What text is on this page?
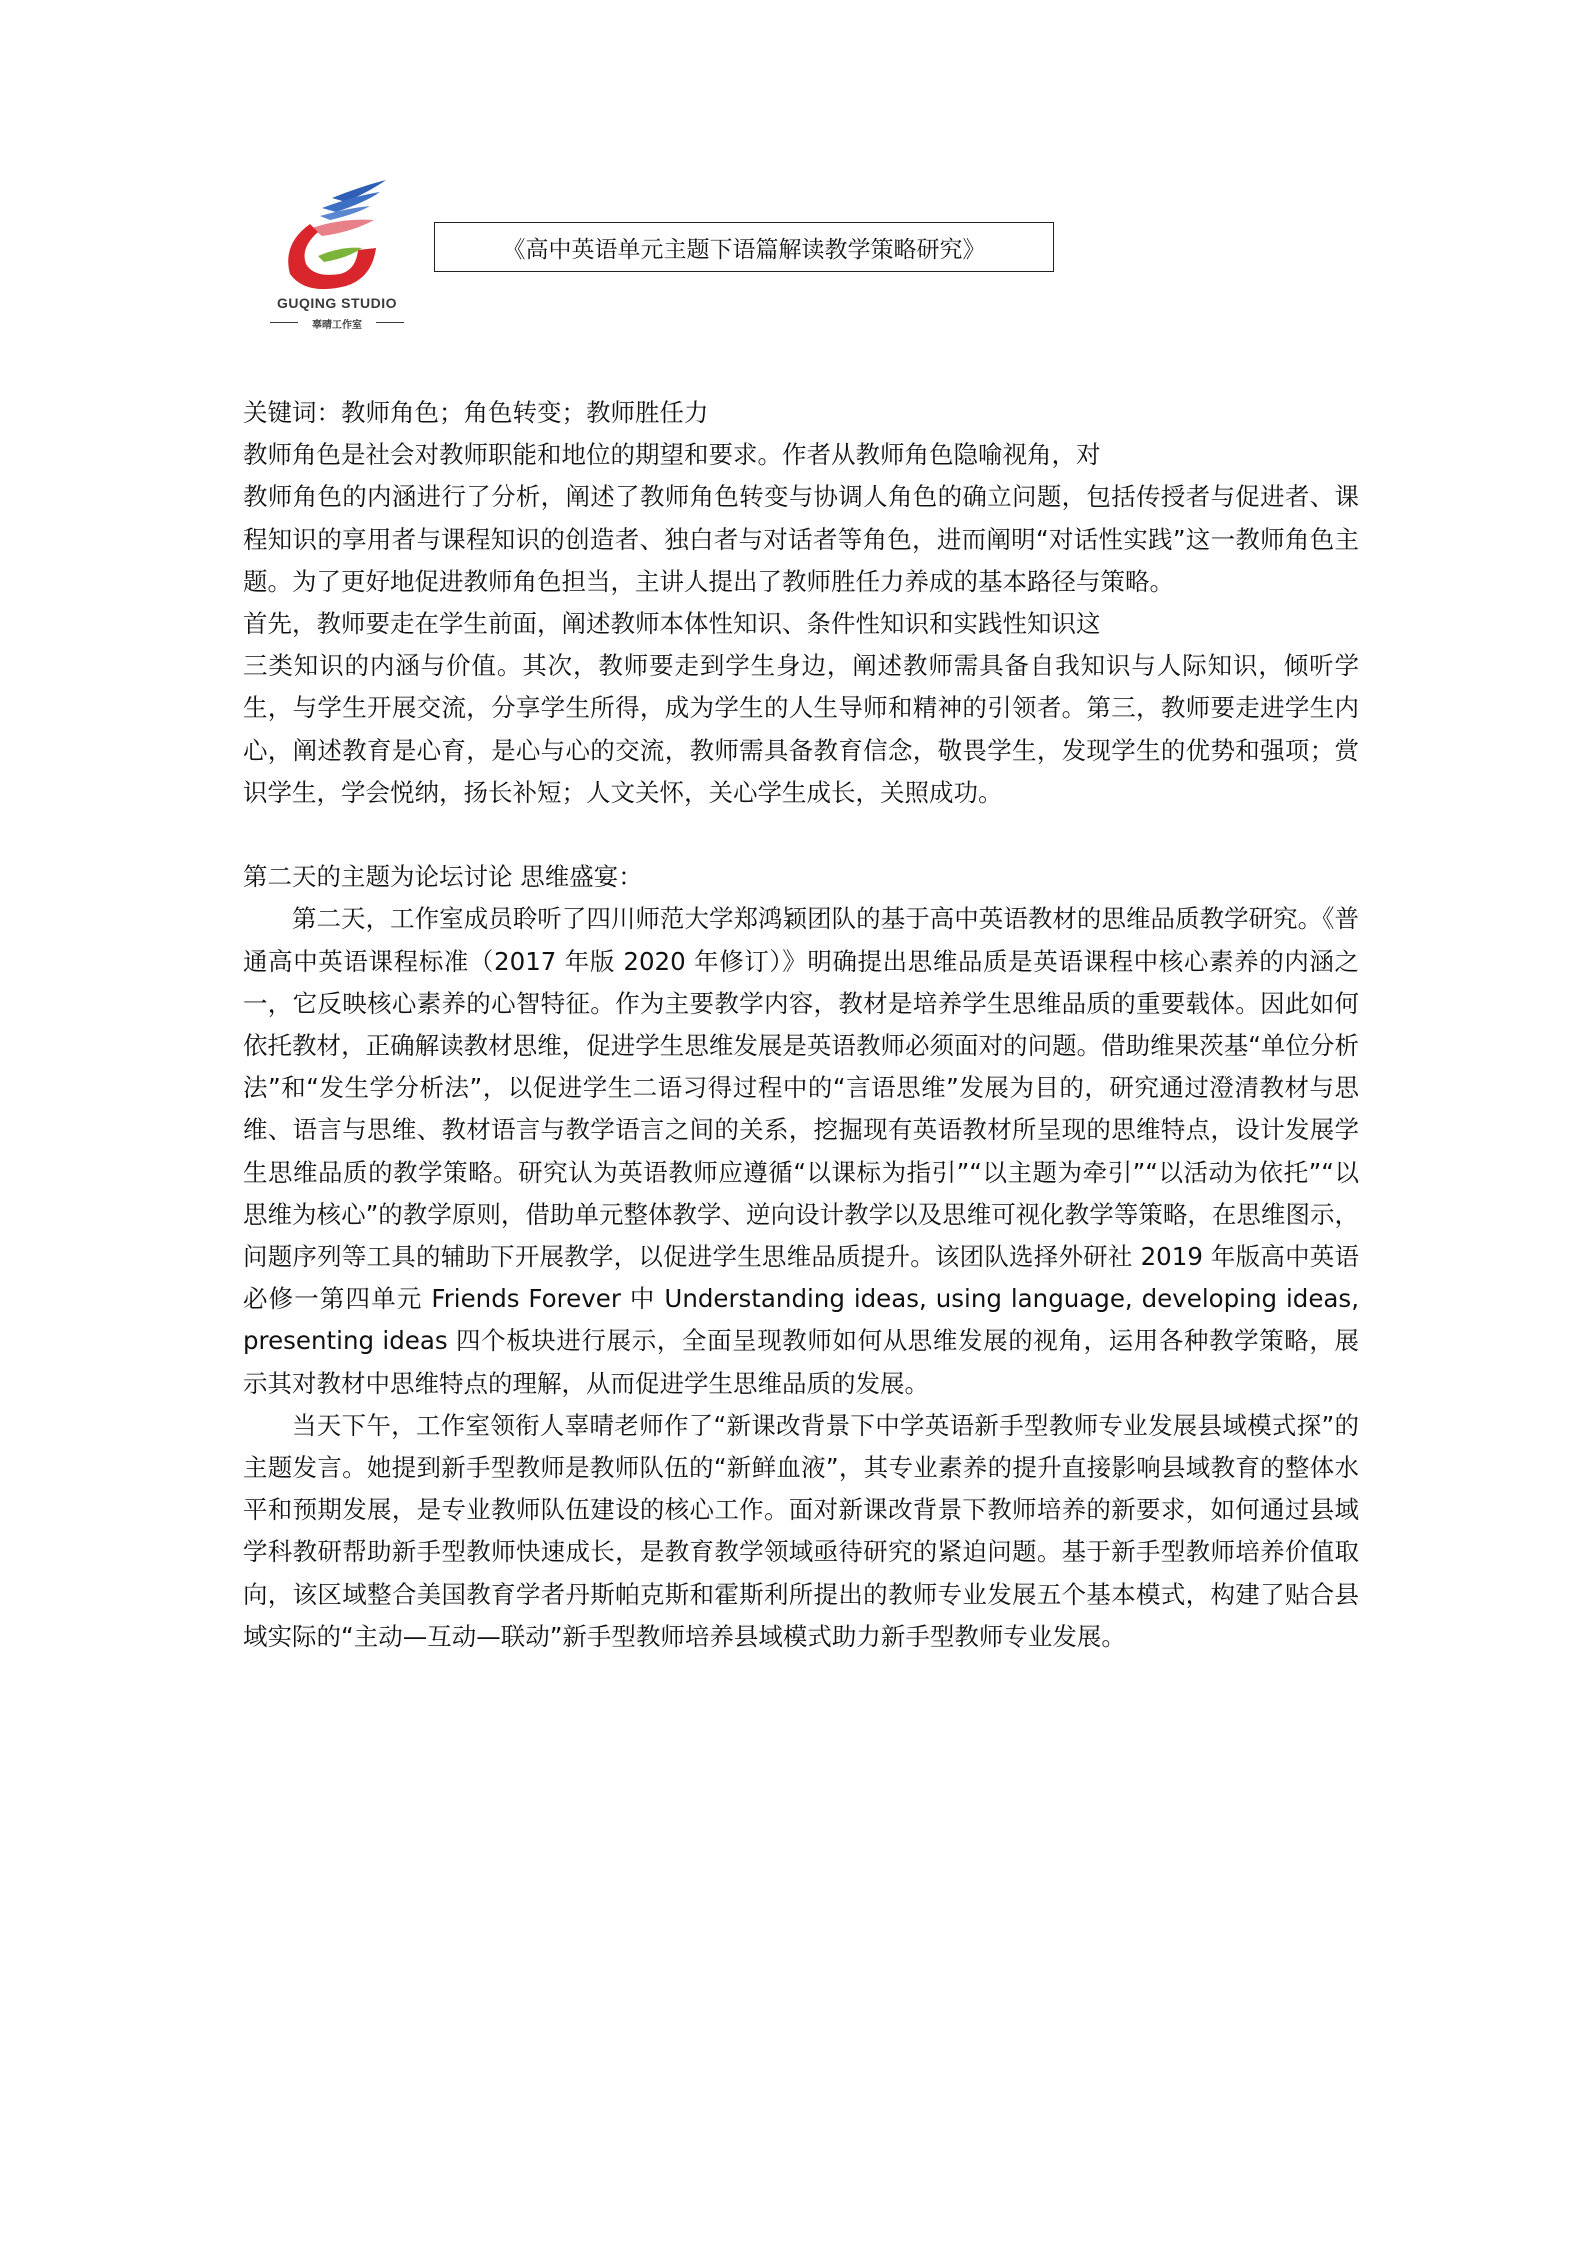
GUQING STUDIO
辜晴工作室
《高中英语单元主题下语篇解读教学策略研究》

关键词：教师角色；角色转变；教师胜任力

教师角色是社会对教师职能和地位的期望和要求。作者从教师角色隐喻视角，对

教师角色的内涵进行了分析，阐述了教师角色转变与协调人角色的确立问题，包括传授者与促进者、课程知识的享用者与课程知识的创造者、独白者与对话者等角色，进而阐明“对话性实践”这一教师角色主题。为了更好地促进教师角色担当，主讲人提出了教师胜任力养成的基本路径与策略。

首先，教师要走在学生前面，阐述教师本体性知识、条件性知识和实践性知识这

三类知识的内涵与价值。其次，教师要走到学生身边，阐述教师需具备自我知识与人际知识，倾听学生，与学生开展交流，分享学生所得，成为学生的人生导师和精神的引领者。第三，教师要走进学生内心，阐述教育是心育，是心与心的交流，教师需具备教育信念，敬畏学生，发现学生的优势和强项；赏识学生，学会悦纳，扬长补短；人文关怀，关心学生成长，关照成功。

第二天的主题为论坛讨论 思维盛宴：

第二天，工作室成员聆听了四川师范大学郑鸿颖团队的基于高中英语教材的思维品质教学研究。《普通高中英语课程标准（2017 年版 2020 年修订）》明确提出思维品质是英语课程中核心素养的内涵之一，它反映核心素养的心智特征。作为主要教学内容，教材是培养学生思维品质的重要载体。因此如何依托教材，正确解读教材思维，促进学生思维发展是英语教师必须面对的问题。借助维果茨基“单位分析法”和“发生学分析法”，以促进学生二语习得过程中的“言语思维”发展为目的，研究通过澄清教材与思维、语言与思维、教材语言与教学语言之间的关系，挖掘现有英语教材所呈现的思维特点，设计发展学生思维品质的教学策略。研究认为英语教师应遵循“以课标为指引”“以主题为牵引”“以活动为依托”“以思维为核心”的教学原则，借助单元整体教学、逆向设计教学以及思维可视化教学等策略，在思维图示，问题序列等工具的辅助下开展教学，以促进学生思维品质提升。该团队选择外研社 2019 年版高中英语必修一第四单元 Friends Forever 中 Understanding ideas, using language, developing ideas, presenting ideas 四个板块进行展示，全面呈现教师如何从思维发展的视角，运用各种教学策略，展示其对教材中思维特点的理解，从而促进学生思维品质的发展。

当天下午，工作室领衔人辜晴老师作了“新课改背景下中学英语新手型教师专业发展县域模式探”的主题发言。她提到新手型教师是教师队伍的“新鲜血液”，其专业素养的提升直接影响县域教育的整体水平和预期发展，是专业教师队伍建设的核心工作。面对新课改背景下教师培养的新要求，如何通过县域学科教研帮助新手型教师快速成长，是教育教学领域亟待研究的紧迫问题。基于新手型教师培养价值取向，该区域整合美国教育学者丹斯帕克斯和霍斯利所提出的教师专业发展五个基本模式，构建了贴合县域实际的“主动—互动—联动”新手型教师培养县域模式助力新手型教师专业发展。
